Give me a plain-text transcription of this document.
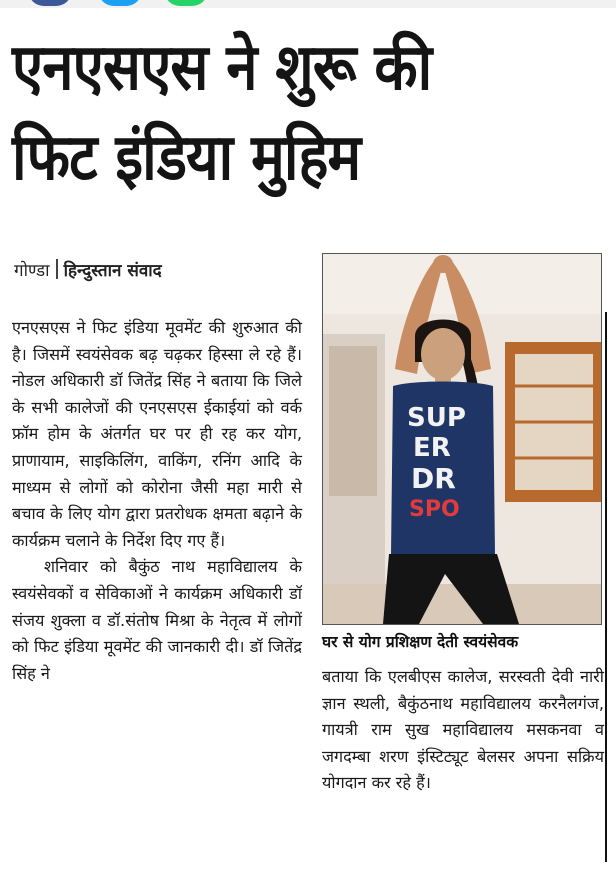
एनएसएस ने शुरू की
फिट इंडिया मुहिम
गोण्डा हिन्दुस्तान संवाद

एनएसएस ने फिट इंडिया मूवमेंट की शुरुआत की है। जिसमें स्वयंसेवक बढ़ चढ़कर हिस्सा ले रहे हैं। नोडल अधिकारी डॉ जितेंद्र सिंह ने बताया कि जिले के सभी कालेजों की एनएसएस ईकाईयां को वर्क फ्रॉम होम के अंतर्गत घर पर ही रह कर योग, प्राणायाम, साइकिलिंग, वाकिंग, रनिंग आदि के माध्यम से लोगों को कोरोना जैसी महा मारी से बचाव के लिए योग द्वारा प्रतरोधक क्षमता बढ़ाने के कार्यक्रम चलाने के निर्देश दिए गए हैं।

शनिवार को बैकुंठ नाथ महाविद्यालय के स्वयंसेवकों व सेविकाओं ने कार्यक्रम अधिकारी डॉ संजय शुक्ला व डॉ.संतोष मिश्रा के नेतृत्व में लोगों को फिट इंडिया मूवमेंट की जानकारी दी। डॉ जितेंद्र सिंह ने

SUP
ER
DR
SPO
घर से योग प्रशिक्षण देती स्वयंसेवक
बताया कि एलबीएस कालेज, सरस्वती देवी नारी ज्ञान स्थली, बैकुंठनाथ महाविद्यालय करनैलगंज, गायत्री राम सुख महाविद्यालय मसकनवा व जगदम्बा शरण इंस्टिट्यूट बेलसर अपना सक्रिय योगदान कर रहे हैं।
